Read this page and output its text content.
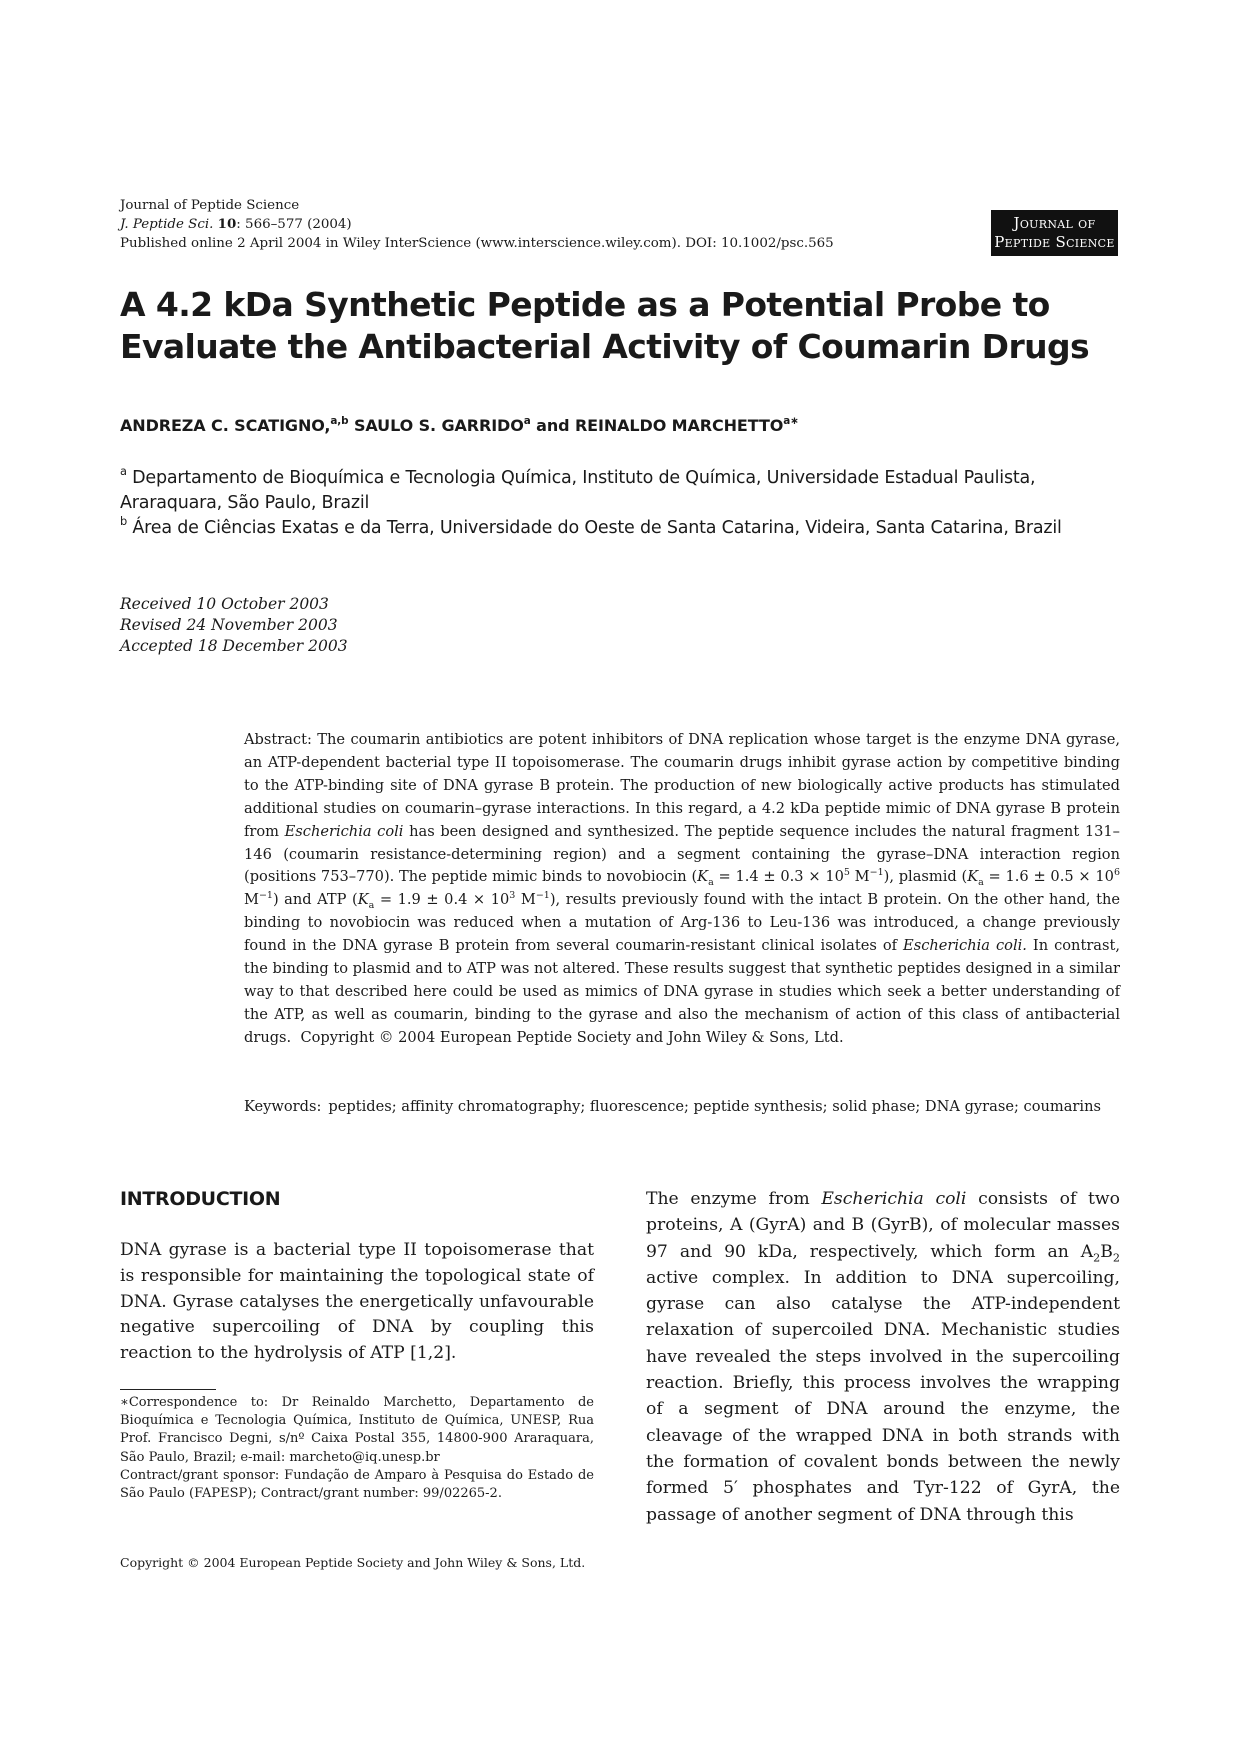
Journal of Peptide Science
J. Peptide Sci. 10: 566–577 (2004)
Published online 2 April 2004 in Wiley InterScience (www.interscience.wiley.com). DOI: 10.1002/psc.565
Journal of
Peptide Science
A 4.2 kDa Synthetic Peptide as a Potential Probe to Evaluate the Antibacterial Activity of Coumarin Drugs
ANDREZA C. SCATIGNO,$^{a,b}$ SAULO S. GARRIDO$^a$ and REINALDO $MARCHETTO^{a∗}$

$^a$ Departamento de Bioquímica e Tecnologia Química, Instituto de Química, Universidade Estadual Paulista, Araraquara, São Paulo, Brazil

$^b$ Área de Ciências Exatas e da Terra, Universidade do Oeste de Santa Catarina, Videira, Santa Catarina, Brazil

Received 10 October 2003
Revised 24 November 2003
Accepted 18 December 2003

Abstract: The coumarin antibiotics are potent inhibitors of DNA replication whose target is the enzyme DNA gyrase, an ATP-dependent bacterial type II topoisomerase. The coumarin drugs inhibit gyrase action by competitive binding to the ATP-binding site of DNA gyrase B protein. The production of new biologically active products has stimulated additional studies on coumarin–gyrase interactions. In this regard, a 4.2 kDa peptide mimic of DNA gyrase B protein from Escherichia coli has been designed and synthesized. The peptide sequence includes the natural fragment 131–146 (coumarin resistance-determining region) and a segment containing the gyrase–DNA interaction region (positions 753–770). The peptide mimic binds to novobiocin ($K_a = 1.4 \pm 0.3 \times 10^5$ $M^{-1}$), plasmid ($K_a = 1.6 \pm 0.5 \times 10^6$ $M^{-1}$) and ATP ($K_a = 1.9 \pm 0.4 \times 10^3$ $M^{-1}$), results previously found with the intact B protein. On the other hand, the binding to novobiocin was reduced when a mutation of Arg-136 to Leu-136 was introduced, a change previously found in the DNA gyrase B protein from several coumarin-resistant clinical isolates of Escherichia coli. In contrast, the binding to plasmid and to ATP was not altered. These results suggest that synthetic peptides designed in a similar way to that described here could be used as mimics of DNA gyrase in studies which seek a better understanding of the ATP, as well as coumarin, binding to the gyrase and also the mechanism of action of this class of antibacterial drugs. Copyright © 2004 European Peptide Society and John Wiley & Sons, Ltd.

Keywords: peptides; affinity chromatography; fluorescence; peptide synthesis; solid phase; DNA gyrase; coumarins
INTRODUCTION

DNA gyrase is a bacterial type II topoisomerase that is responsible for maintaining the topological state of DNA. Gyrase catalyses the energetically unfavourable negative supercoiling of DNA by coupling this reaction to the hydrolysis of ATP [1,2].

∗Correspondence to: Dr Reinaldo Marchetto, Departamento de Bioquímica e Tecnologia Química, Instituto de Química, UNESP, Rua Prof. Francisco Degni, s/nº Caixa Postal 355, 14800-900 Araraquara, São Paulo, Brazil; e-mail: marcheto@iq.unesp.br

Contract/grant sponsor: Fundação de Amparo à Pesquisa do Estado de São Paulo (FAPESP); Contract/grant number: 99/02265-2.

The enzyme from Escherichia coli consists of two proteins, A (GyrA) and B (GyrB), of molecular masses 97 and 90 kDa, respectively, which form an $A_2B_2$ active complex. In addition to DNA supercoiling, gyrase can also catalyse the ATP-independent relaxation of supercoiled DNA. Mechanistic studies have revealed the steps involved in the supercoiling reaction. Briefly, this process involves the wrapping of a segment of DNA around the enzyme, the cleavage of the wrapped DNA in both strands with the formation of covalent bonds between the newly formed 5′ phosphates and Tyr-122 of GyrA, the passage of another segment of DNA through this

Copyright © 2004 European Peptide Society and John Wiley & Sons, Ltd.
